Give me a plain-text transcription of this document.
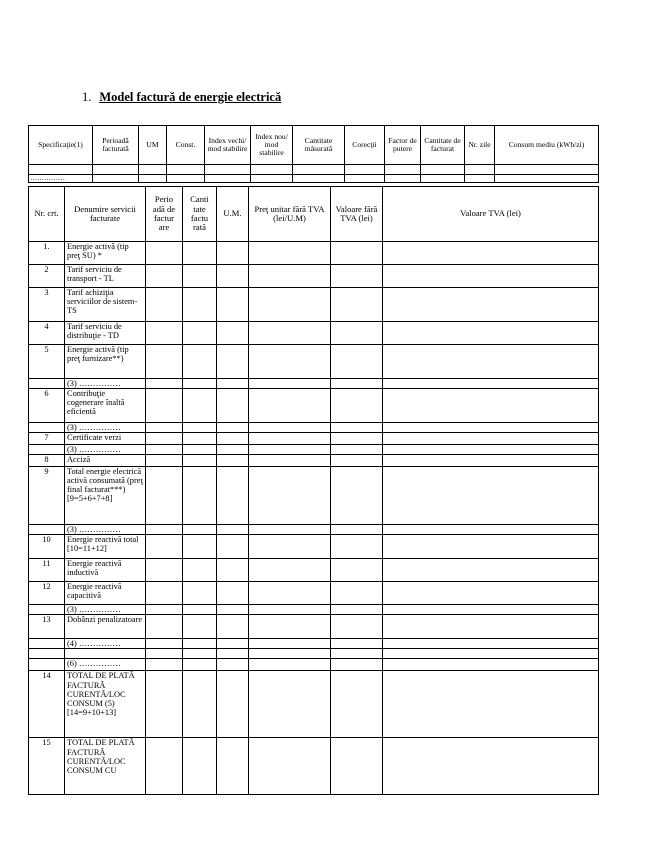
1. Model factură de energie electrică
Specificaţie(1)	Perioadă facturată	UM	Const.	Index vechi/ mod stabilire	Index nou/ mod stabilire	Cantitate măsurată	Corecţii	Factor de putere	Cantitate de facturat	Nr. zile	Consum mediu (kWh/zi)

……………											
Nr. crt.	Denumire servicii facturate	Perio adă de factur are	Canti tate factu rată	U.M.	Preţ unitar fără TVA (lei/U.M)	Valoare fără TVA (lei)	Valoare TVA (lei)
1.	Energie activă (tip preţ SU) *						
2	Tarif serviciu de transport - TL						
3	Tarif achiziţia serviciilor de sistem-TS						
4	Tarif serviciu de distribuţie - TD						
5	Energie activă (tip preţ furnizare**)						
	(3) ……………						
6	Contribuţie cogenerare înaltă eficientă						
	(3) ……………						
7	Certificate verzi						
	(3) ……………						
8	Acciză						
9	Total energie electrică activă consumată (preţ final facturat***) [9=5+6+7+8]						
	(3) ……………						
10	Energie reactivă total [10=11+12]						
11	Energie reactivă inductivă						
12	Energie reactivă capacitivă						
	(3) ……………						
13	Dobânzi penalizatoare						
	(4) ……………						

	(6) ……………						
14	TOTAL DE PLATĂ FACTURĂ CURENTĂ/LOC CONSUM (5) [14=9+10+13]						
15	TOTAL DE PLATĂ FACTURĂ CURENTĂ/LOC CONSUM CU						
